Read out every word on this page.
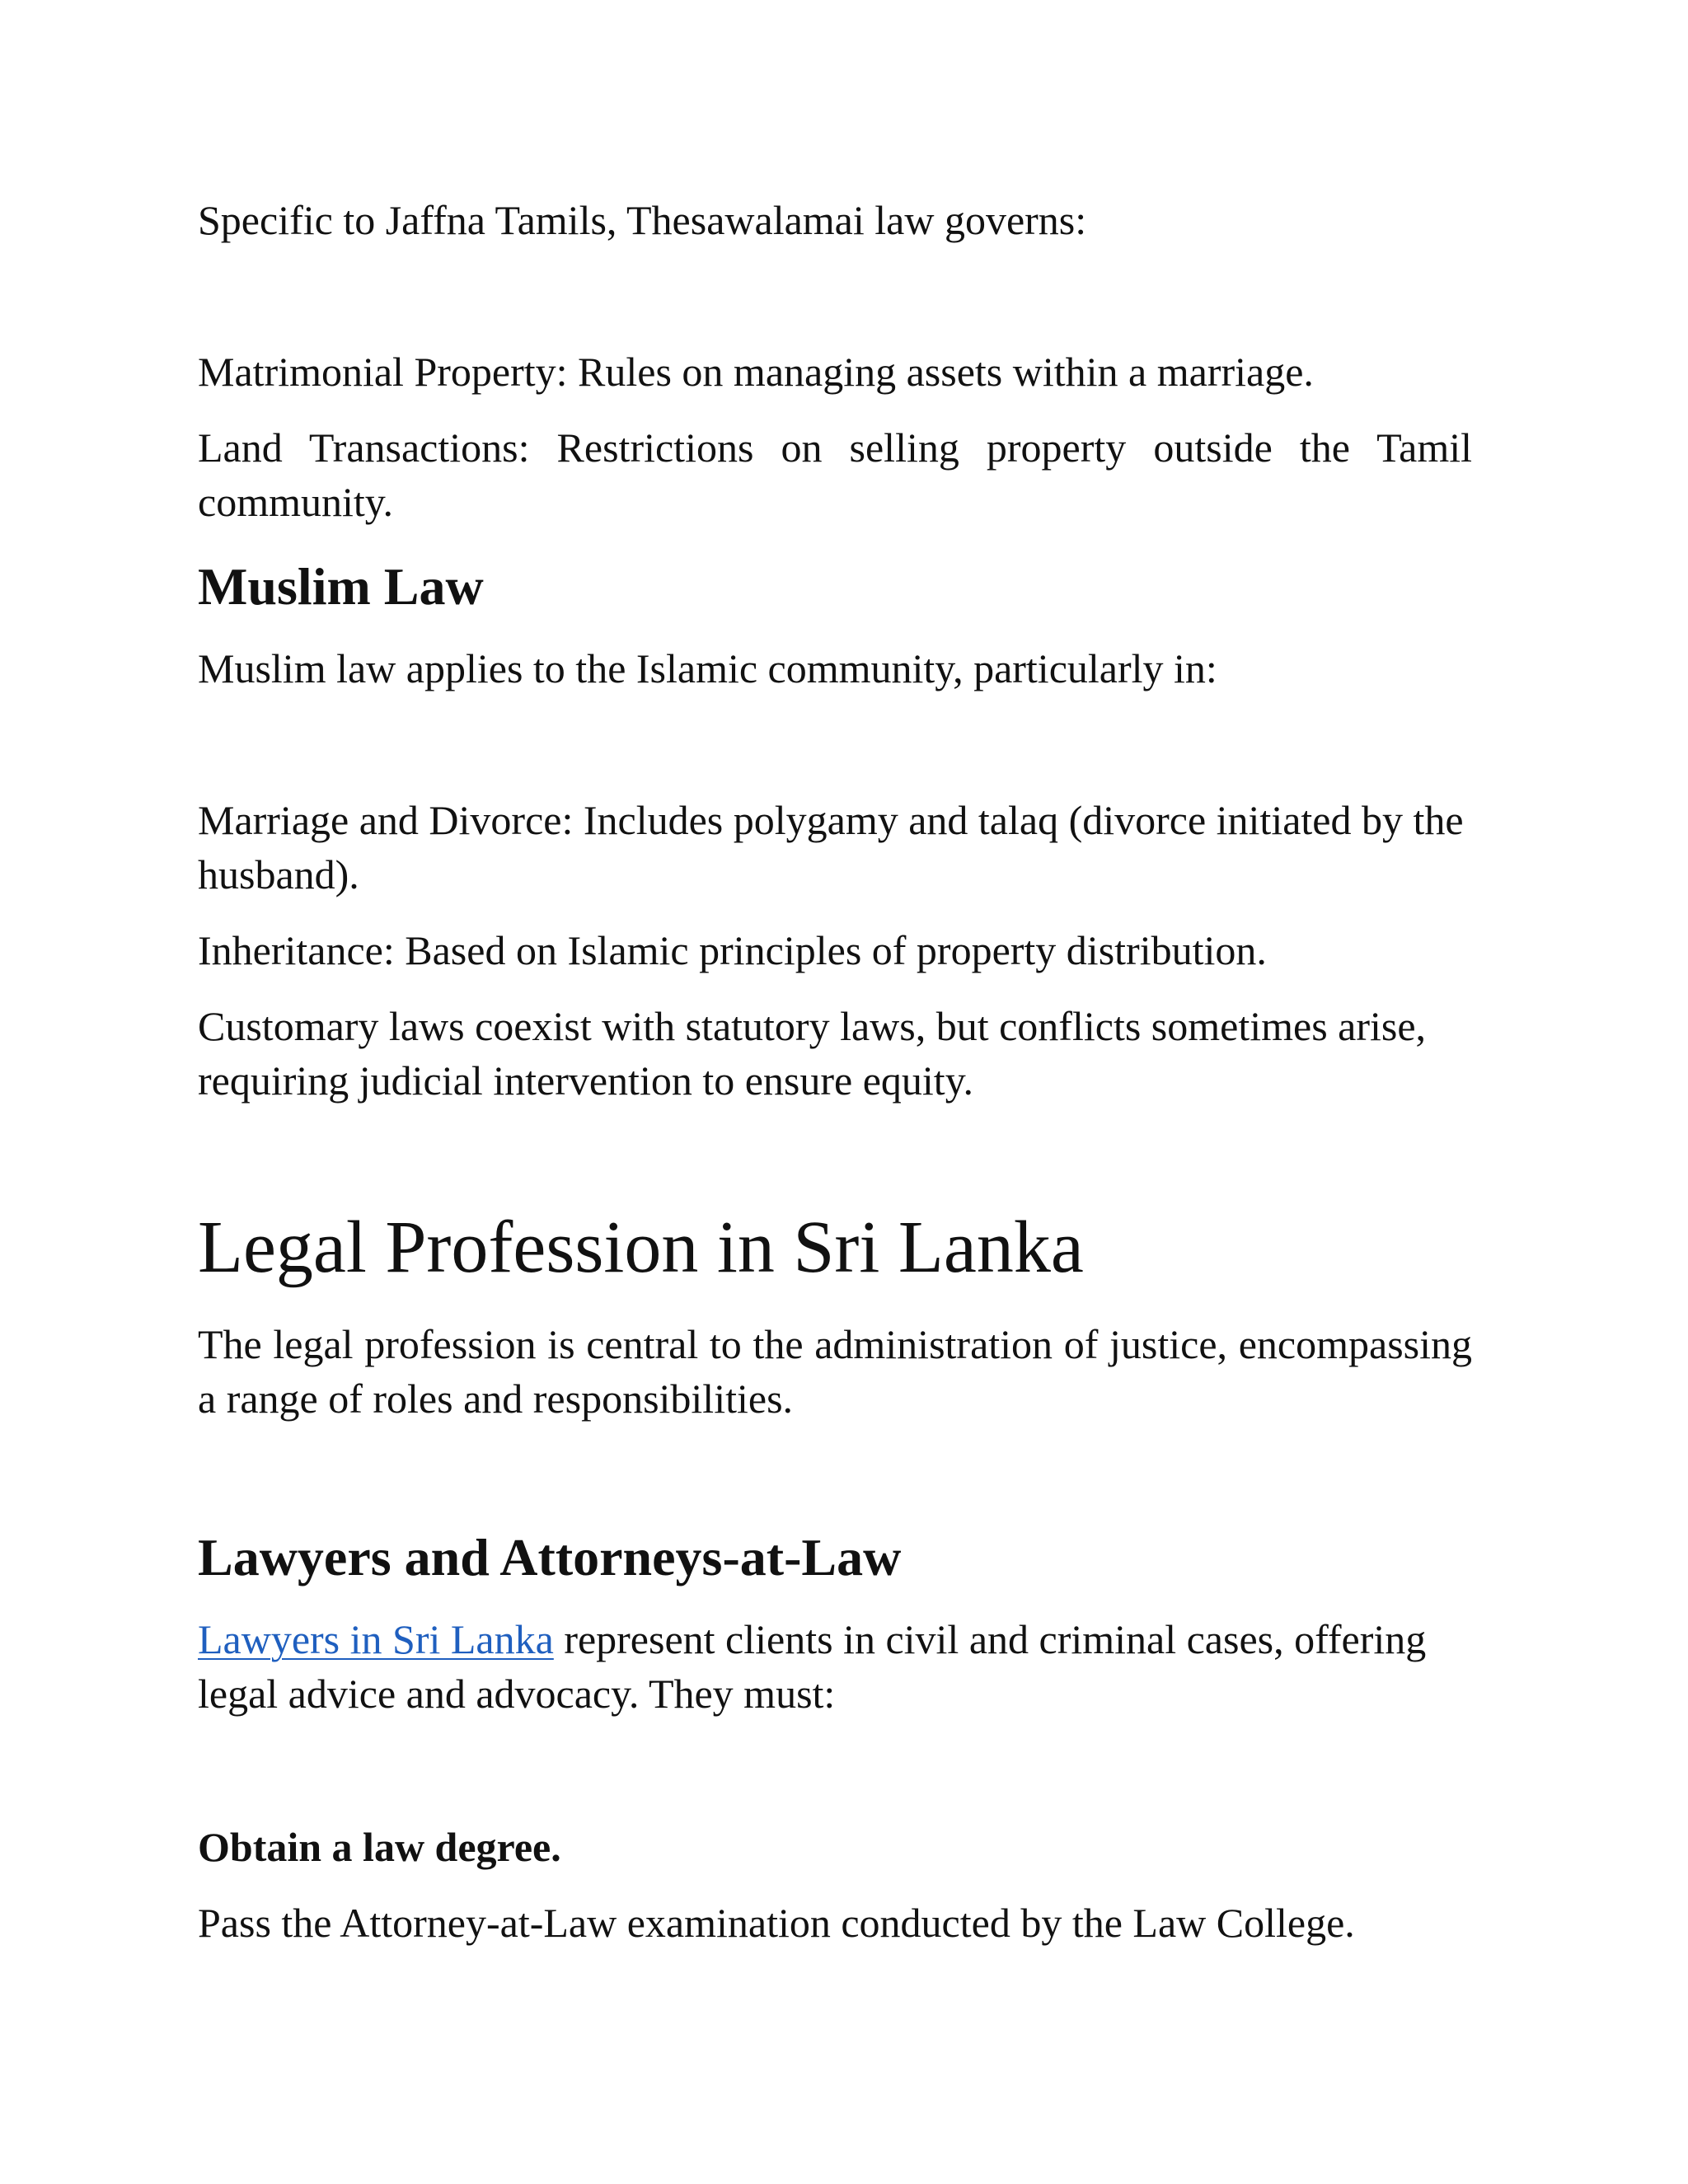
Specific to Jaffna Tamils, Thesawalamai law governs:

Matrimonial Property: Rules on managing assets within a marriage.

Land Transactions: Restrictions on selling property outside the Tamil community.

Muslim Law

Muslim law applies to the Islamic community, particularly in:

Marriage and Divorce: Includes polygamy and talaq (divorce initiated by the husband).

Inheritance: Based on Islamic principles of property distribution.

Customary laws coexist with statutory laws, but conflicts sometimes arise, requiring judicial intervention to ensure equity.

Legal Profession in Sri Lanka

The legal profession is central to the administration of justice, encompassing a range of roles and responsibilities.

Lawyers and Attorneys-at-Law

Lawyers in Sri Lanka represent clients in civil and criminal cases, offering legal advice and advocacy. They must:

Obtain a law degree.

Pass the Attorney-at-Law examination conducted by the Law College.
